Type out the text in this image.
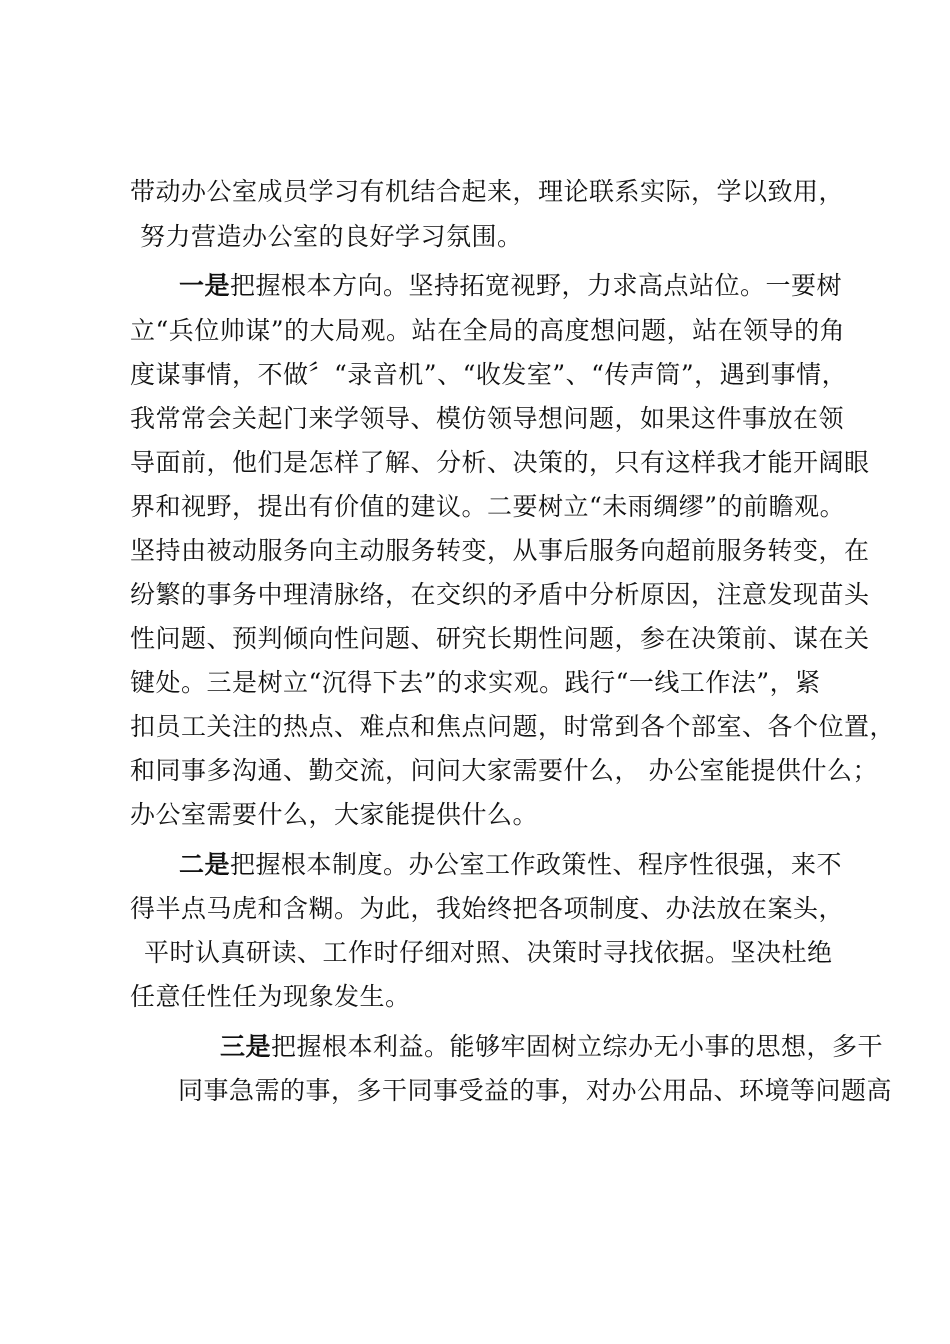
带动办公室成员学习有机结合起来，理论联系实际，学以致用，
努力营造办公室的良好学习氛围。
一是把握根本方向。坚持拓宽视野，力求高点站位。一要树
立“兵位帅谋”的大局观。站在全局的高度想问题，站在领导的角
度谋事情，不做〞“录音机”、“收发室”、“传声筒”，遇到事情，
我常常会关起门来学领导、模仿领导想问题，如果这件事放在领
导面前，他们是怎样了解、分析、决策的，只有这样我才能开阔眼
界和视野，提出有价值的建议。二要树立“未雨绸缪”的前瞻观。
坚持由被动服务向主动服务转变，从事后服务向超前服务转变，在
纷繁的事务中理清脉络，在交织的矛盾中分析原因，注意发现苗头
性问题、预判倾向性问题、研究长期性问题，参在决策前、谋在关
键处。三是树立“沉得下去”的求实观。践行“一线工作法”，紧
扣员工关注的热点、难点和焦点问题，时常到各个部室、各个位置，
和同事多沟通、勤交流，问问大家需要什么， 办公室能提供什么；
办公室需要什么，大家能提供什么。
二是把握根本制度。办公室工作政策性、程序性很强，来不
得半点马虎和含糊。为此，我始终把各项制度、办法放在案头，
平时认真研读、工作时仔细对照、决策时寻找依据。坚决杜绝
任意任性任为现象发生。
三是把握根本利益。能够牢固树立综办无小事的思想，多干
同事急需的事，多干同事受益的事，对办公用品、环境等问题高
